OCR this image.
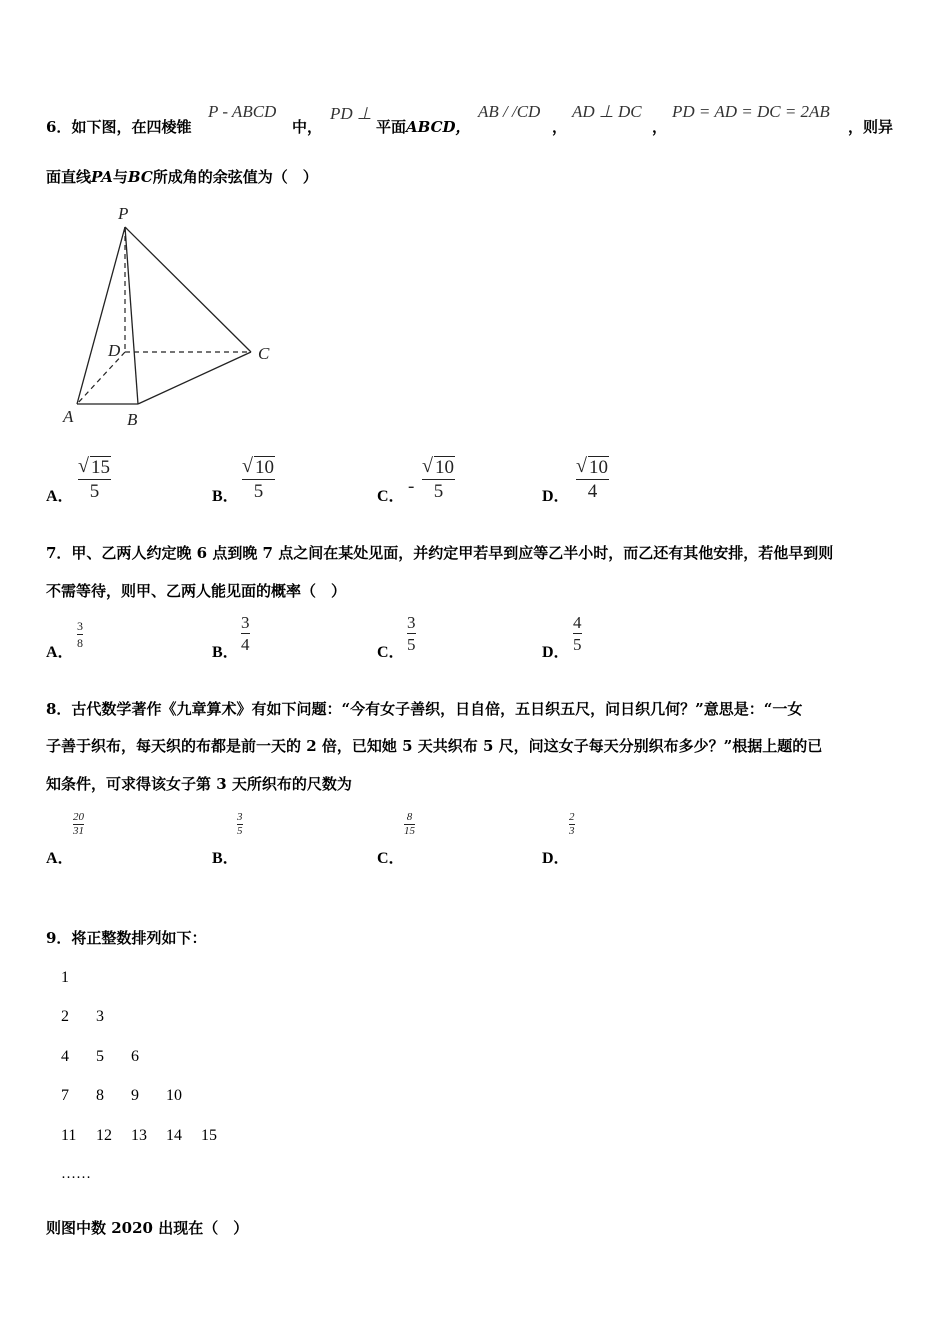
6．如下图，在四棱锥
P - ABCD
中，
PD ⊥
平面ABCD，
AB / /CD
，
AD ⊥ DC
，
PD = AD = DC = 2AB
，则异
面直线PA与BC所成角的余弦值为（　）
P
D	C
A	B
A．
√ 15
5	B．
√ 10
5	C． -
√ 10
5	D．
√ 10
4
7．甲、乙两人约定晚 6 点到晚 7 点之间在某处见面，并约定甲若早到应等乙半小时，而乙还有其他安排，若他早到则
不需等待，则甲、乙两人能见面的概率（　）
A．
3
8
B．
3
4	C．
3
5	D．
4
5
8．古代数学著作《九章算术》有如下问题：“今有女子善织，日自倍，五日织五尺，问日织几何？”意思是：“一女
子善于织布，每天织的布都是前一天的 2 倍，已知她 5 天共织布 5 尺，问这女子每天分别织布多少？”根据上题的已
知条件，可求得该女子第 3 天所织布的尺数为
A．
20
31
B．
3
5
C．
8
15
D．
2
3
9．将正整数排列如下：
1
2 3
4 5 6
7 8 9 10
11 12 13 14 15
……
则图中数 2020 出现在（　）
